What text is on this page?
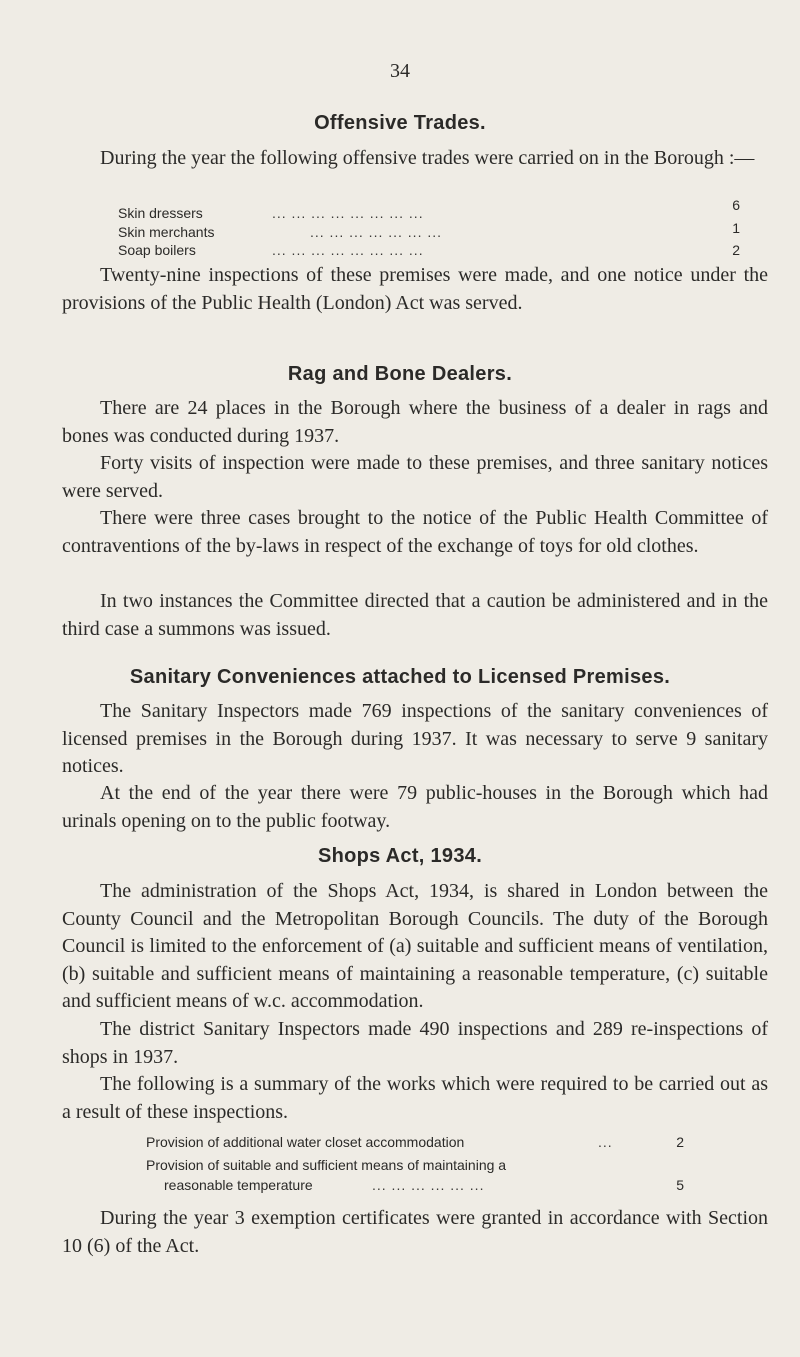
34
Offensive Trades.

During the year the following offensive trades were carried on in the Borough :—

Skin dressers	... ... ... ... ... ... ... ...	6
Skin merchants	... ... ... ... ... ... ...	1
Soap boilers	... ... ... ... ... ... ... ...	2

Twenty-nine inspections of these premises were made, and one notice under the provisions of the Public Health (London) Act was served.

Rag and Bone Dealers.

There are 24 places in the Borough where the business of a dealer in rags and bones was conducted during 1937.

Forty visits of inspection were made to these premises, and three sanitary notices were served.

There were three cases brought to the notice of the Public Health Committee of contraventions of the by-laws in respect of the exchange of toys for old clothes.

In two instances the Committee directed that a caution be administered and in the third case a summons was issued.

Sanitary Conveniences attached to Licensed Premises.

The Sanitary Inspectors made 769 inspections of the sanitary conveniences of licensed premises in the Borough during 1937. It was necessary to serve 9 sanitary notices.

At the end of the year there were 79 public-houses in the Borough which had urinals opening on to the public footway.

Shops Act, 1934.

The administration of the Shops Act, 1934, is shared in London between the County Council and the Metropolitan Borough Councils. The duty of the Borough Council is limited to the enforcement of (a) suitable and sufficient means of ventilation, (b) suitable and sufficient means of maintaining a reasonable temperature, (c) suitable and sufficient means of w.c. accommodation.

The district Sanitary Inspectors made 490 inspections and 289 re-inspections of shops in 1937.

The following is a summary of the works which were required to be carried out as a result of these inspections.

Provision of additional water closet accommodation	...	2
Provision of suitable and sufficient means of maintaining a
reasonable temperature	... ... ... ... ... ...	5

During the year 3 exemption certificates were granted in accordance with Section 10 (6) of the Act.
